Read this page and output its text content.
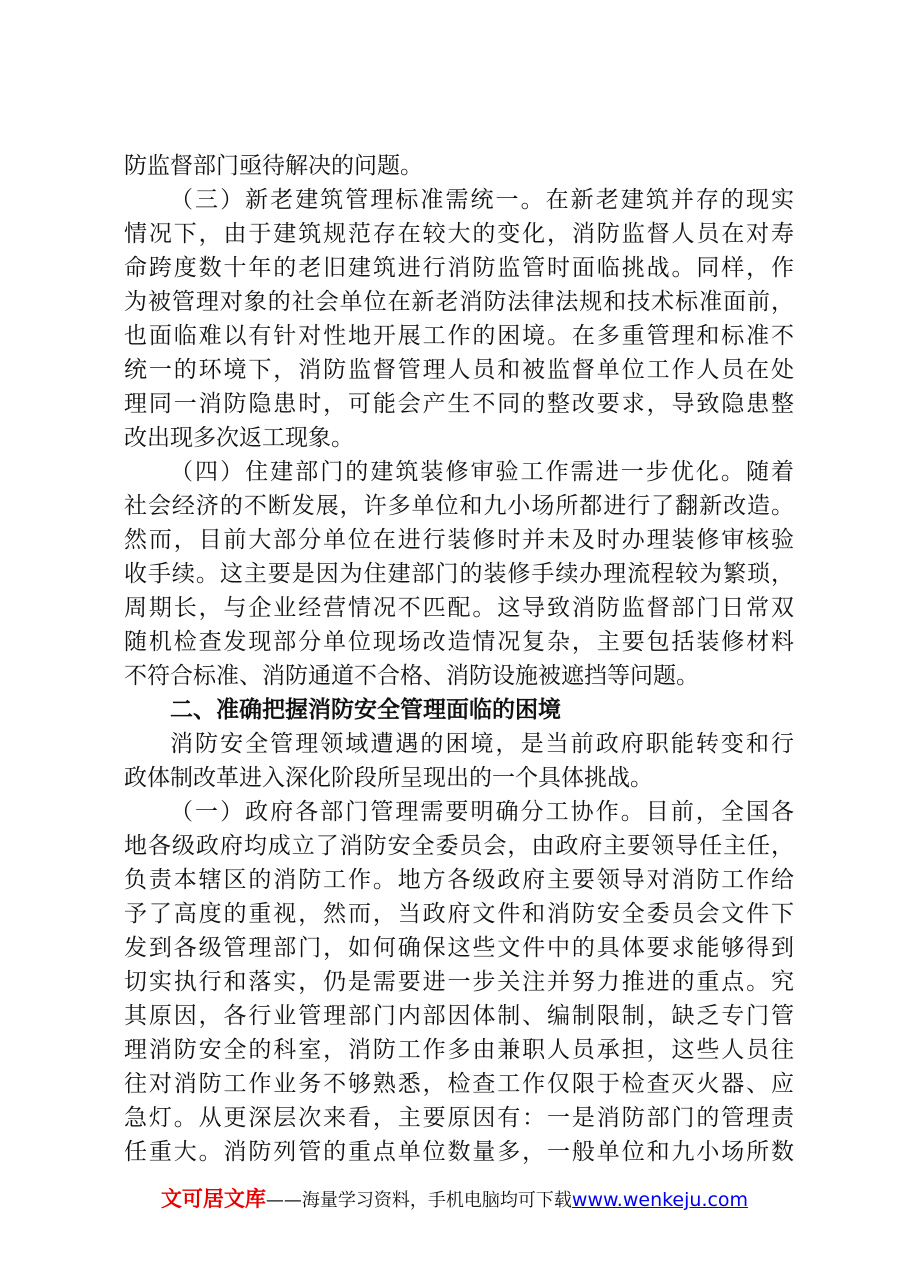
防监督部门亟待解决的问题。
（三）新老建筑管理标准需统一。在新老建筑并存的现实
情况下，由于建筑规范存在较大的变化，消防监督人员在对寿
命跨度数十年的老旧建筑进行消防监管时面临挑战。同样，作
为被管理对象的社会单位在新老消防法律法规和技术标准面前，
也面临难以有针对性地开展工作的困境。在多重管理和标准不
统一的环境下，消防监督管理人员和被监督单位工作人员在处
理同一消防隐患时，可能会产生不同的整改要求，导致隐患整
改出现多次返工现象。
（四）住建部门的建筑装修审验工作需进一步优化。随着
社会经济的不断发展，许多单位和九小场所都进行了翻新改造。
然而，目前大部分单位在进行装修时并未及时办理装修审核验
收手续。这主要是因为住建部门的装修手续办理流程较为繁琐，
周期长，与企业经营情况不匹配。这导致消防监督部门日常双
随机检查发现部分单位现场改造情况复杂，主要包括装修材料
不符合标准、消防通道不合格、消防设施被遮挡等问题。
二、准确把握消防安全管理面临的困境
消防安全管理领域遭遇的困境，是当前政府职能转变和行
政体制改革进入深化阶段所呈现出的一个具体挑战。
（一）政府各部门管理需要明确分工协作。目前，全国各
地各级政府均成立了消防安全委员会，由政府主要领导任主任，
负责本辖区的消防工作。地方各级政府主要领导对消防工作给
予了高度的重视，然而，当政府文件和消防安全委员会文件下
发到各级管理部门，如何确保这些文件中的具体要求能够得到
切实执行和落实，仍是需要进一步关注并努力推进的重点。究
其原因，各行业管理部门内部因体制、编制限制，缺乏专门管
理消防安全的科室，消防工作多由兼职人员承担，这些人员往
往对消防工作业务不够熟悉，检查工作仅限于检查灭火器、应
急灯。从更深层次来看，主要原因有：一是消防部门的管理责
任重大。消防列管的重点单位数量多，一般单位和九小场所数
文可居文库——海量学习资料，手机电脑均可下载www.wenkeju.com
